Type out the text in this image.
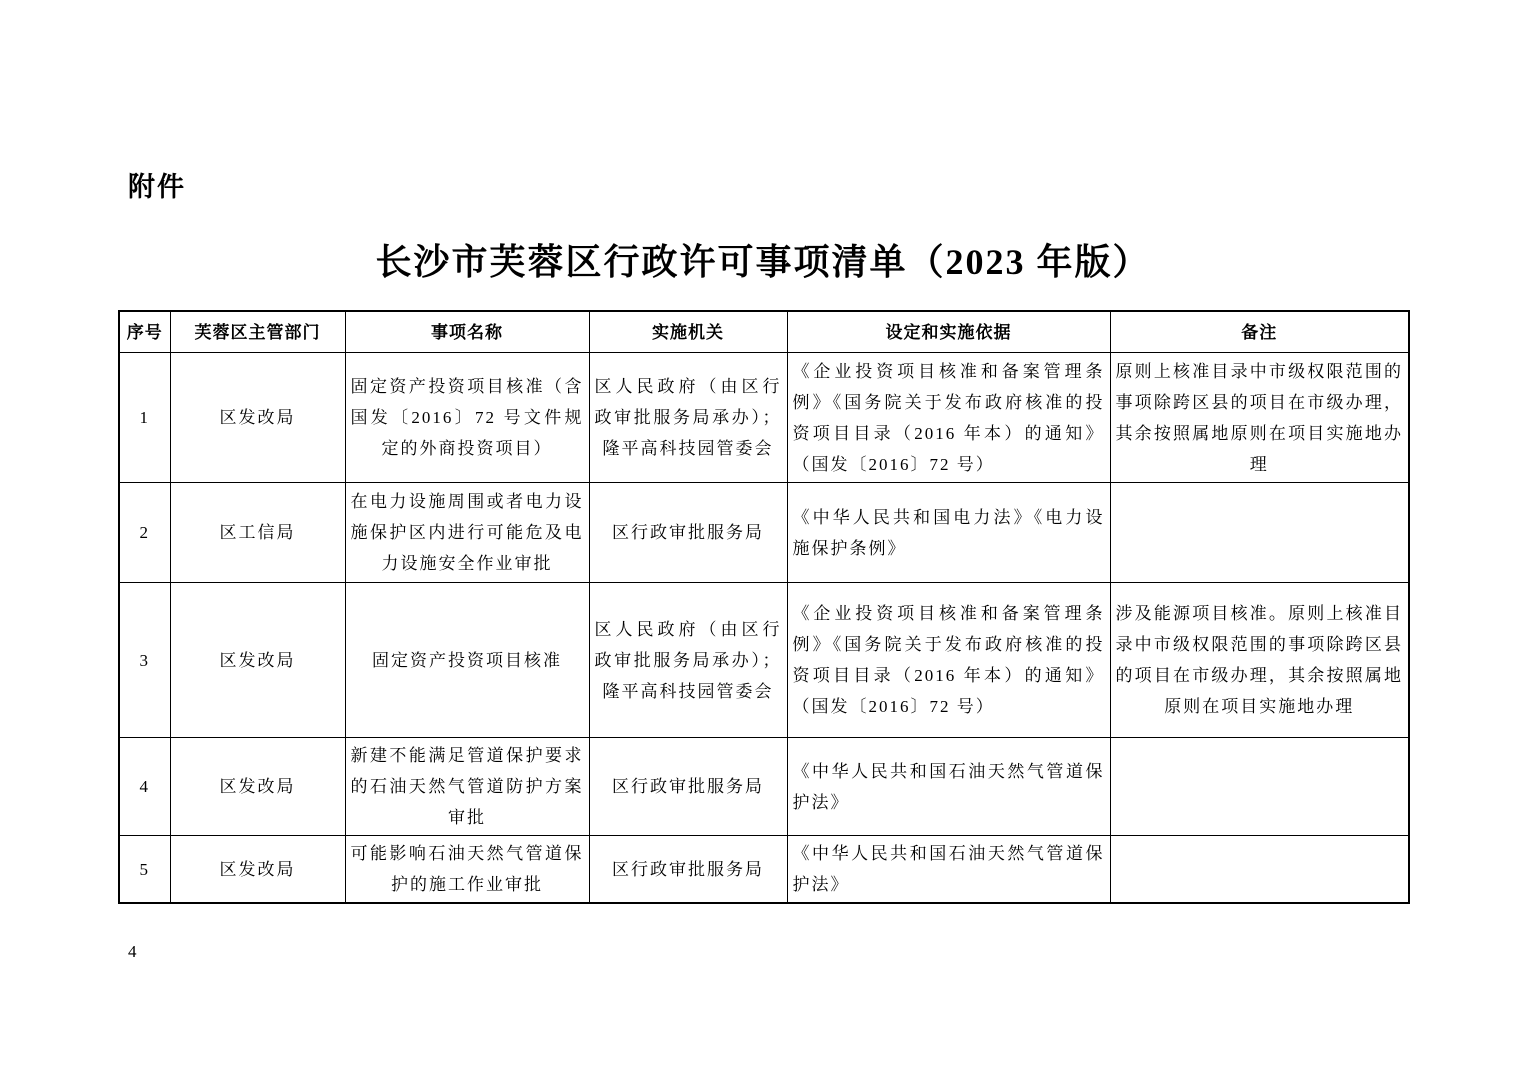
附件
长沙市芙蓉区行政许可事项清单（2023 年版）
序号	芙蓉区主管部门	事项名称	实施机关	设定和实施依据	备注
1	区发改局	固定资产投资项目核准（含国发〔2016〕72 号文件规定的外商投资项目）	区人民政府（由区行政审批服务局承办）；隆平高科技园管委会	《企业投资项目核准和备案管理条例》《国务院关于发布政府核准的投资项目目录（2016 年本）的通知》（国发〔2016〕72 号）	原则上核准目录中市级权限范围的事项除跨区县的项目在市级办理，其余按照属地原则在项目实施地办理
2	区工信局	在电力设施周围或者电力设施保护区内进行可能危及电力设施安全作业审批	区行政审批服务局	《中华人民共和国电力法》《电力设施保护条例》	
3	区发改局	固定资产投资项目核准	区人民政府（由区行政审批服务局承办）；隆平高科技园管委会	《企业投资项目核准和备案管理条例》《国务院关于发布政府核准的投资项目目录（2016 年本）的通知》（国发〔2016〕72 号）	涉及能源项目核准。原则上核准目录中市级权限范围的事项除跨区县的项目在市级办理，其余按照属地原则在项目实施地办理
4	区发改局	新建不能满足管道保护要求的石油天然气管道防护方案审批	区行政审批服务局	《中华人民共和国石油天然气管道保护法》	
5	区发改局	可能影响石油天然气管道保护的施工作业审批	区行政审批服务局	《中华人民共和国石油天然气管道保护法》	
4
